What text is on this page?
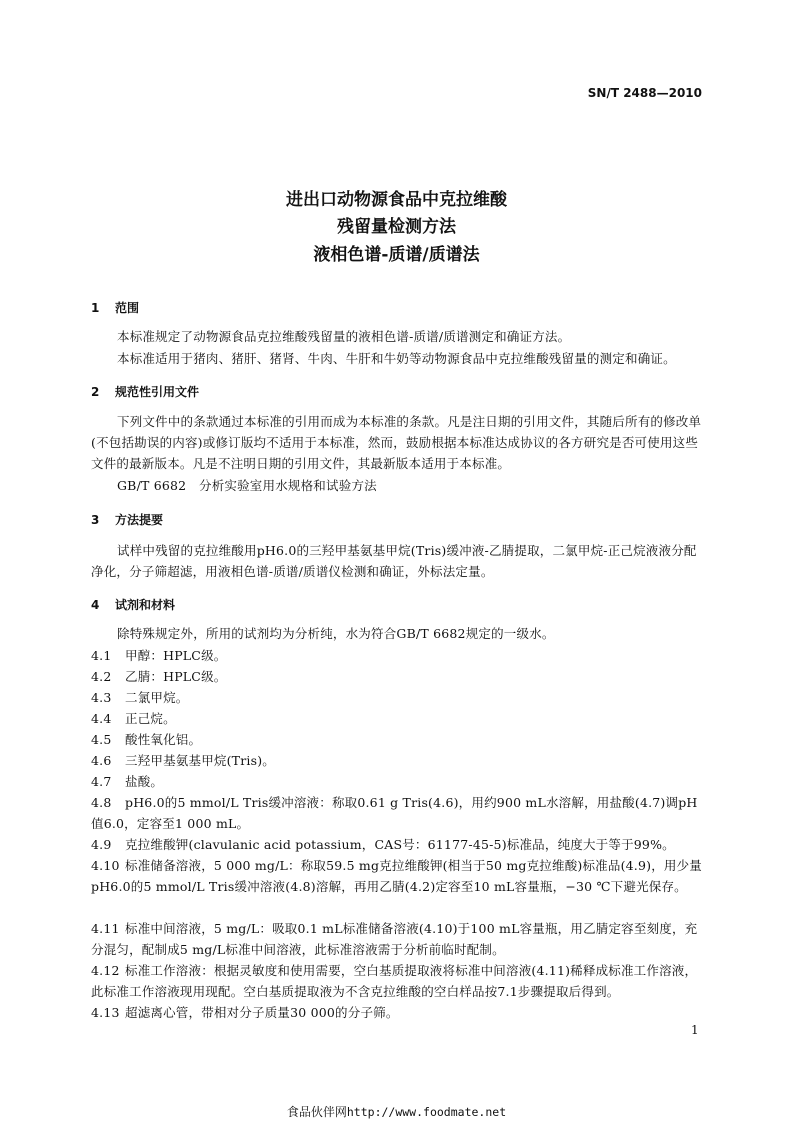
SN/T 2488—2010
进出口动物源食品中克拉维酸
残留量检测方法
液相色谱-质谱/质谱法
1 范围
本标准规定了动物源食品克拉维酸残留量的液相色谱-质谱/质谱测定和确证方法。
本标准适用于猪肉、猪肝、猪肾、牛肉、牛肝和牛奶等动物源食品中克拉维酸残留量的测定和确证。
2 规范性引用文件
下列文件中的条款通过本标准的引用而成为本标准的条款。凡是注日期的引用文件，其随后所有的修改单(不包括勘误的内容)或修订版均不适用于本标准，然而，鼓励根据本标准达成协议的各方研究是否可使用这些文件的最新版本。凡是不注明日期的引用文件，其最新版本适用于本标准。
GB/T 6682　分析实验室用水规格和试验方法
3 方法提要
试样中残留的克拉维酸用pH6.0的三羟甲基氨基甲烷(Tris)缓冲液-乙腈提取，二氯甲烷-正己烷液液分配净化，分子筛超滤，用液相色谱-质谱/质谱仪检测和确证，外标法定量。
4 试剂和材料
除特殊规定外，所用的试剂均为分析纯，水为符合GB/T 6682规定的一级水。
4.1 甲醇：HPLC级。
4.2 乙腈：HPLC级。
4.3 二氯甲烷。
4.4 正己烷。
4.5 酸性氧化铝。
4.6 三羟甲基氨基甲烷(Tris)。
4.7 盐酸。
4.8 pH6.0的5 mmol/L Tris缓冲溶液：称取0.61 g Tris(4.6)，用约900 mL水溶解，用盐酸(4.7)调pH值6.0，定容至1 000 mL。
4.9 克拉维酸钾(clavulanic acid potassium，CAS号：61177-45-5)标准品，纯度大于等于99%。
4.10 标准储备溶液，5 000 mg/L：称取59.5 mg克拉维酸钾(相当于50 mg克拉维酸)标准品(4.9)，用少量pH6.0的5 mmol/L Tris缓冲溶液(4.8)溶解，再用乙腈(4.2)定容至10 mL容量瓶，−30 ℃下避光保存。
4.11 标准中间溶液，5 mg/L：吸取0.1 mL标准储备溶液(4.10)于100 mL容量瓶，用乙腈定容至刻度，充分混匀，配制成5 mg/L标准中间溶液，此标准溶液需于分析前临时配制。
4.12 标准工作溶液：根据灵敏度和使用需要，空白基质提取液将标准中间溶液(4.11)稀释成标准工作溶液，此标准工作溶液现用现配。空白基质提取液为不含克拉维酸的空白样品按7.1步骤提取后得到。
4.13 超滤离心管，带相对分子质量30 000的分子筛。
1
食品伙伴网http://www.foodmate.net
